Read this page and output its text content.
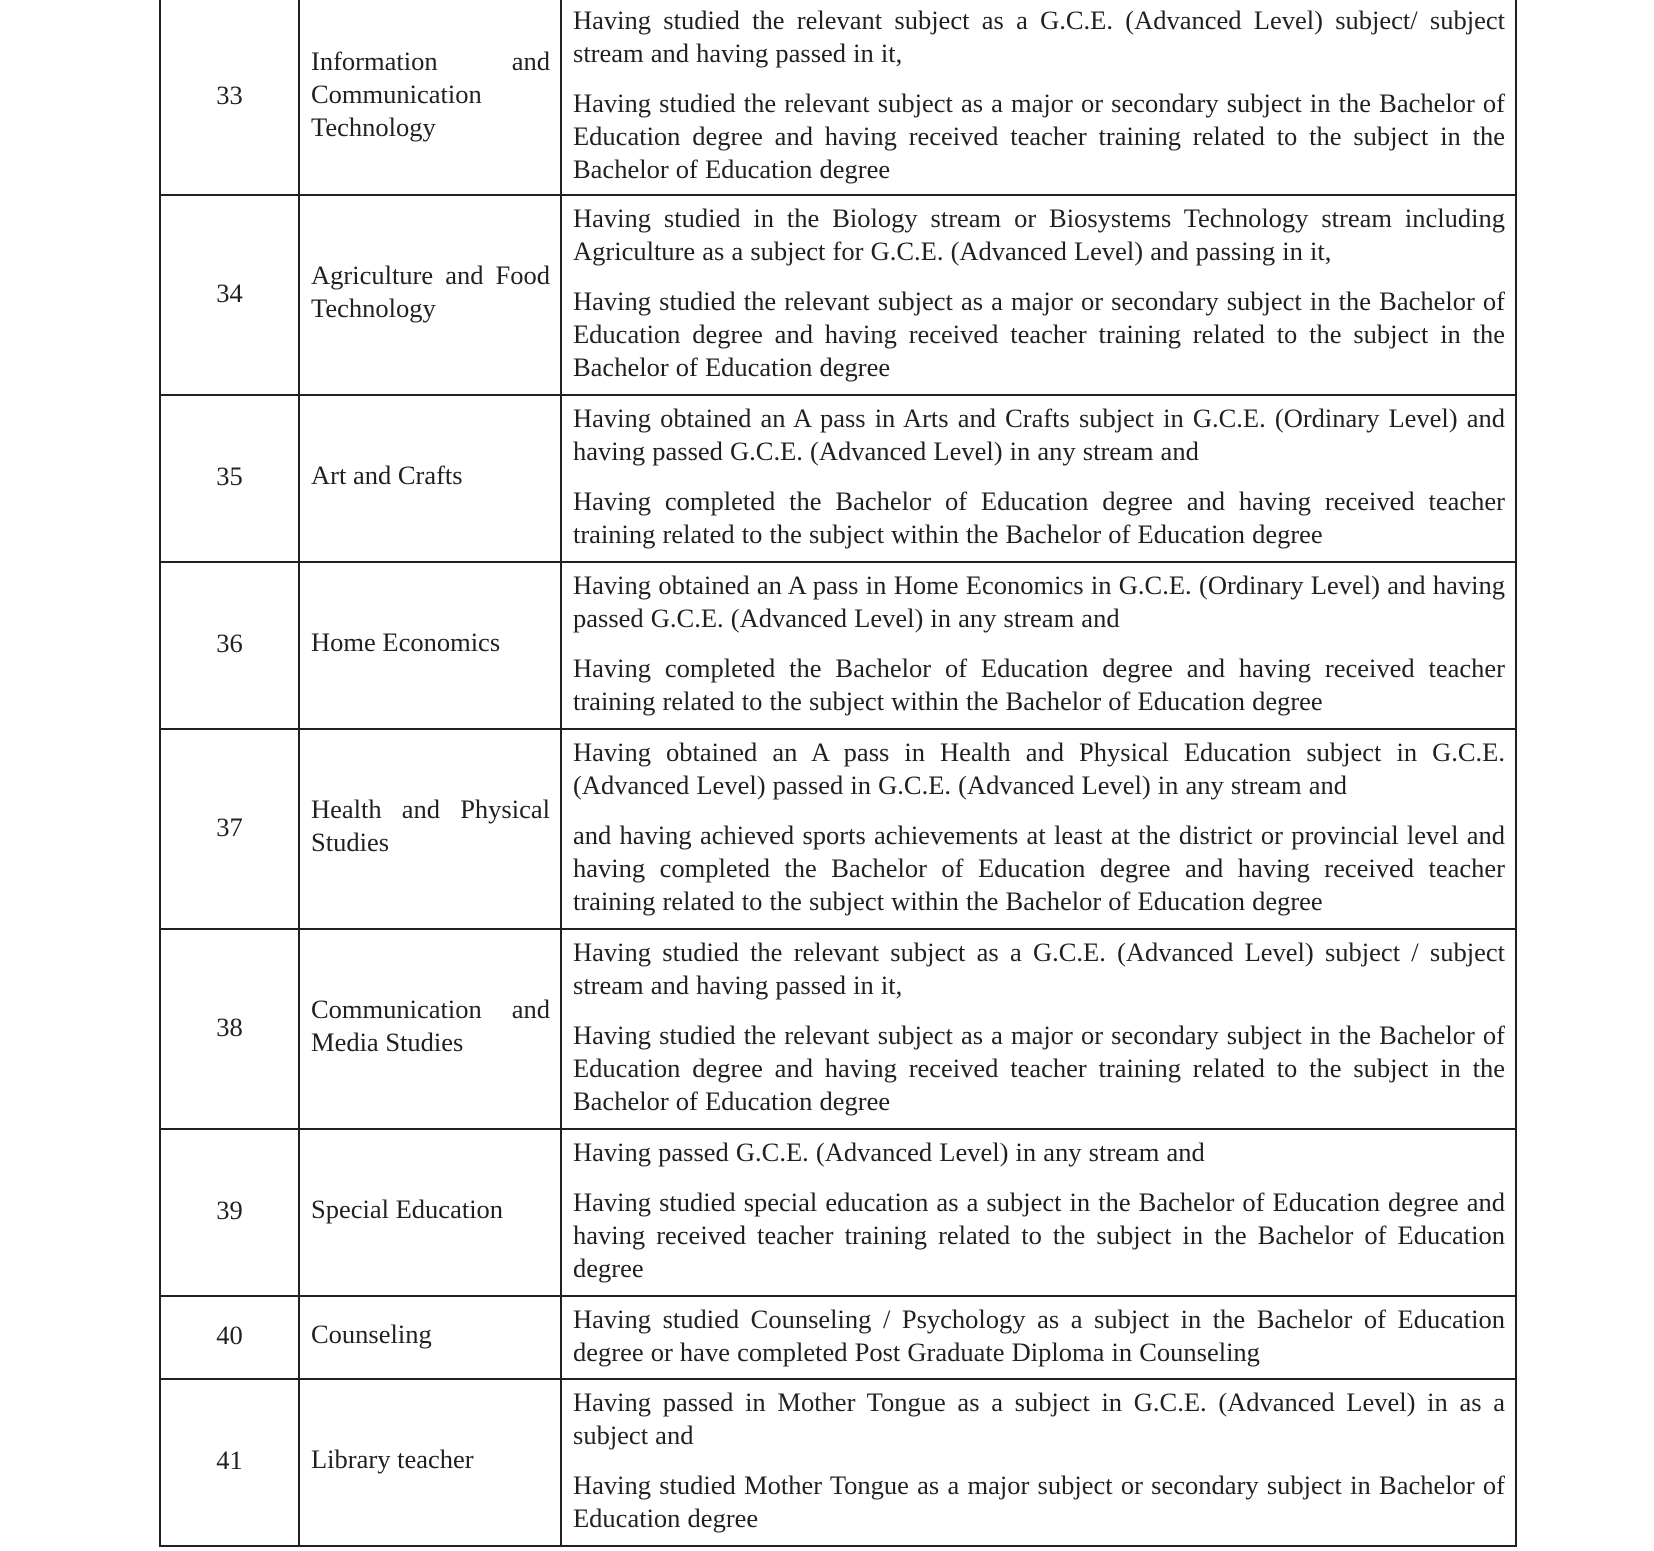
33	Information and Communication Technology	Having studied the relevant subject as a G.C.E. (Advanced Level) subject/ subject stream and having passed in it,

Having studied the relevant subject as a major or secondary subject in the Bachelor of Education degree and having received teacher training related to the subject in the Bachelor of Education degree

34	Agriculture and Food Technology	Having studied in the Biology stream or Biosystems Technology stream including Agriculture as a subject for G.C.E. (Advanced Level) and passing in it,

Having studied the relevant subject as a major or secondary subject in the Bachelor of Education degree and having received teacher training related to the subject in the Bachelor of Education degree

35	Art and Crafts	Having obtained an A pass in Arts and Crafts subject in G.C.E. (Ordinary Level) and having passed G.C.E. (Advanced Level) in any stream and

Having completed the Bachelor of Education degree and having received teacher training related to the subject within the Bachelor of Education degree

36	Home Economics	Having obtained an A pass in Home Economics in G.C.E. (Ordinary Level) and having passed G.C.E. (Advanced Level) in any stream and

Having completed the Bachelor of Education degree and having received teacher training related to the subject within the Bachelor of Education degree

37	Health and Physical Studies	Having obtained an A pass in Health and Physical Education subject in G.C.E. (Advanced Level) passed in G.C.E. (Advanced Level) in any stream and

and having achieved sports achievements at least at the district or provincial level and having completed the Bachelor of Education degree and having received teacher training related to the subject within the Bachelor of Education degree

38	Communication and Media Studies	Having studied the relevant subject as a G.C.E. (Advanced Level) subject / subject stream and having passed in it,

Having studied the relevant subject as a major or secondary subject in the Bachelor of Education degree and having received teacher training related to the subject in the Bachelor of Education degree

39	Special Education	Having passed G.C.E. (Advanced Level) in any stream and

Having studied special education as a subject in the Bachelor of Education degree and having received teacher training related to the subject in the Bachelor of Education degree

40	Counseling	Having studied Counseling / Psychology as a subject in the Bachelor of Education degree or have completed Post Graduate Diploma in Counseling

41	Library teacher	Having passed in Mother Tongue as a subject in G.C.E. (Advanced Level) in as a subject and

Having studied Mother Tongue as a major subject or secondary subject in Bachelor of Education degree
